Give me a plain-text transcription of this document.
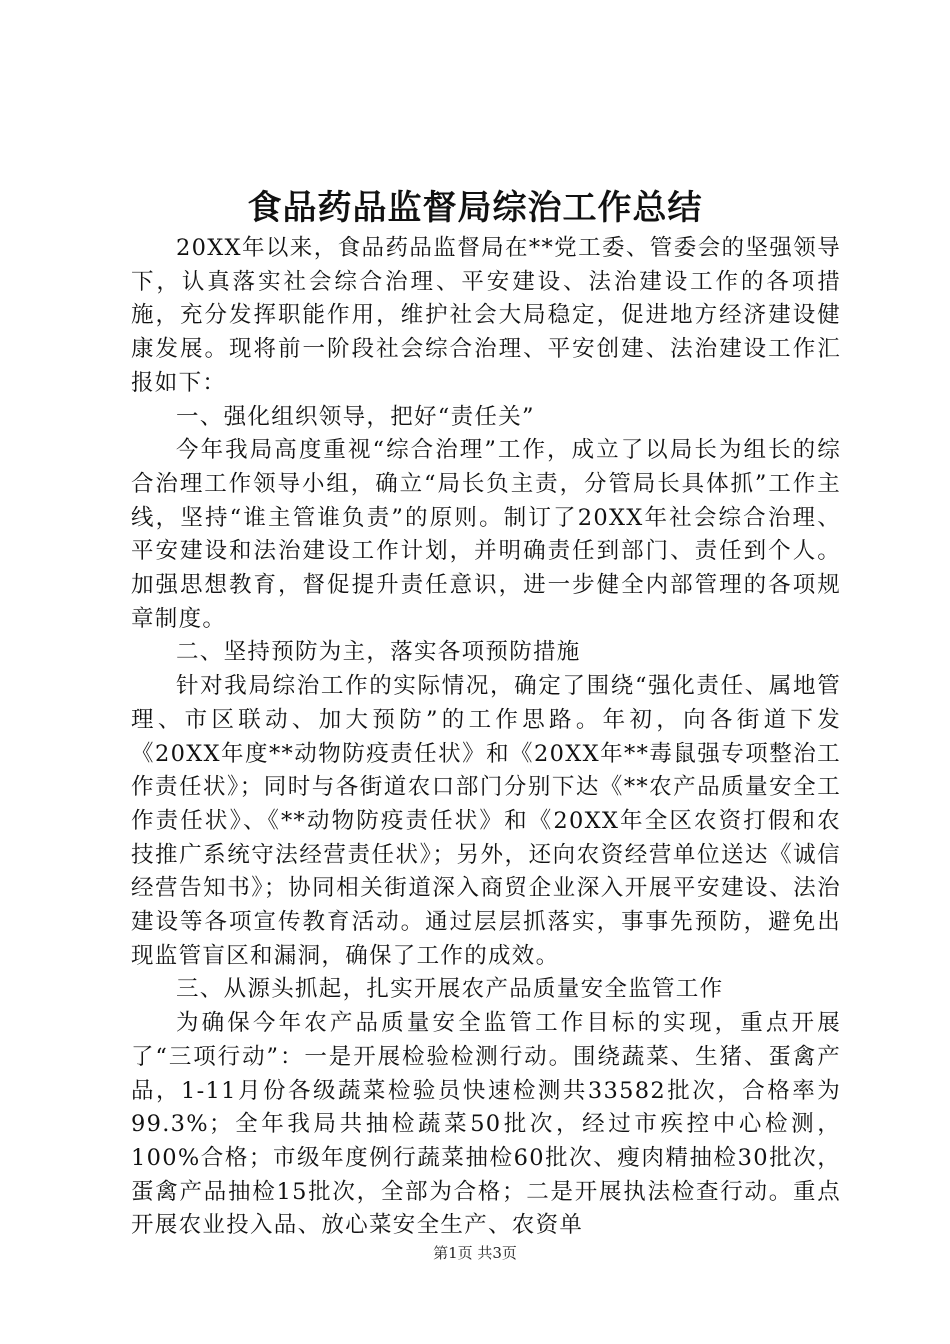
食品药品监督局综治工作总结

20XX年以来，食品药品监督局在**党工委、管委会的坚强领导下，认真落实社会综合治理、平安建设、法治建设工作的各项措施，充分发挥职能作用，维护社会大局稳定，促进地方经济建设健康发展。现将前一阶段社会综合治理、平安创建、法治建设工作汇报如下：

一、强化组织领导，把好“责任关”

今年我局高度重视“综合治理”工作，成立了以局长为组长的综合治理工作领导小组，确立“局长负主责，分管局长具体抓”工作主线，坚持“谁主管谁负责”的原则。制订了20XX年社会综合治理、平安建设和法治建设工作计划，并明确责任到部门、责任到个人。加强思想教育，督促提升责任意识，进一步健全内部管理的各项规章制度。

二、坚持预防为主，落实各项预防措施

针对我局综治工作的实际情况，确定了围绕“强化责任、属地管理、市区联动、加大预防”的工作思路。年初，向各街道下发《20XX年度**动物防疫责任状》和《20XX年**毒鼠强专项整治工作责任状》；同时与各街道农口部门分别下达《**农产品质量安全工作责任状》、《**动物防疫责任状》和《20XX年全区农资打假和农技推广系统守法经营责任状》；另外，还向农资经营单位送达《诚信经营告知书》；协同相关街道深入商贸企业深入开展平安建设、法治建设等各项宣传教育活动。通过层层抓落实，事事先预防，避免出现监管盲区和漏洞，确保了工作的成效。

三、从源头抓起，扎实开展农产品质量安全监管工作

为确保今年农产品质量安全监管工作目标的实现，重点开展了“三项行动”：一是开展检验检测行动。围绕蔬菜、生猪、蛋禽产品，1-11月份各级蔬菜检验员快速检测共33582批次，合格率为99.3%；全年我局共抽检蔬菜50批次，经过市疾控中心检测，100%合格；市级年度例行蔬菜抽检60批次、瘦肉精抽检30批次，蛋禽产品抽检15批次，全部为合格；二是开展执法检查行动。重点开展农业投入品、放心菜安全生产、农资单

第1页 共3页
